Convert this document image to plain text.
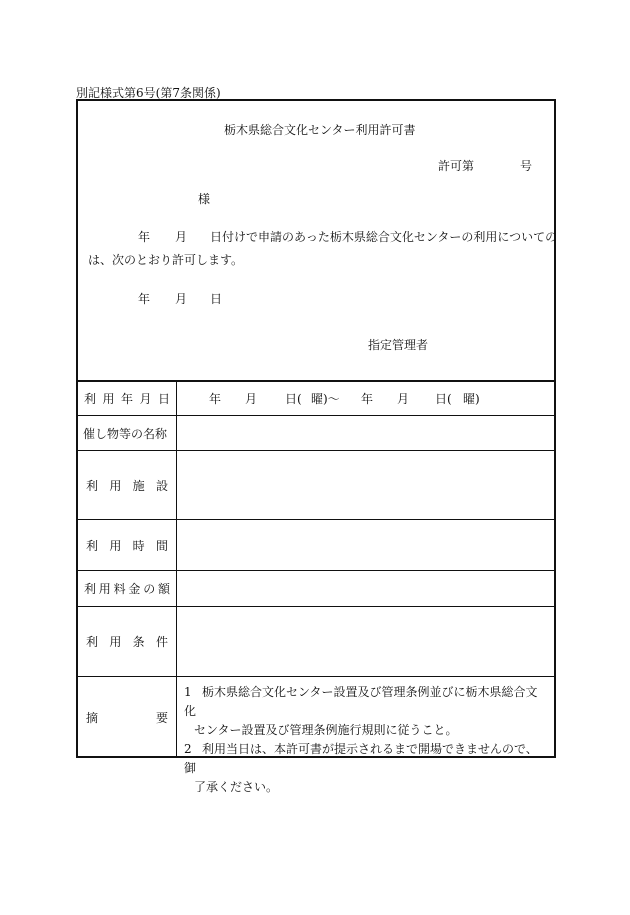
別記様式第6号(第7条関係)
栃木県総合文化センター利用許可書
許可第	号
様
年 月 日付けで申請のあった栃木県総合文化センターの利用についての
は、次のとおり許可します。
年 月 日
指定管理者
利 用 年 月 日	年 月 日( 曜)〜 年 月 日( 曜)
催し物等の名称
利 用 施 設
利 用 時 間
利 用 料 金 の 額
利 用 条 件
摘	要

1 栃木県総合文化センター設置及び管理条例並びに栃木県総合文化

センター設置及び管理条例施行規則に従うこと。

2 利用当日は、本許可書が提示されるまで開場できませんので、御

了承ください。
